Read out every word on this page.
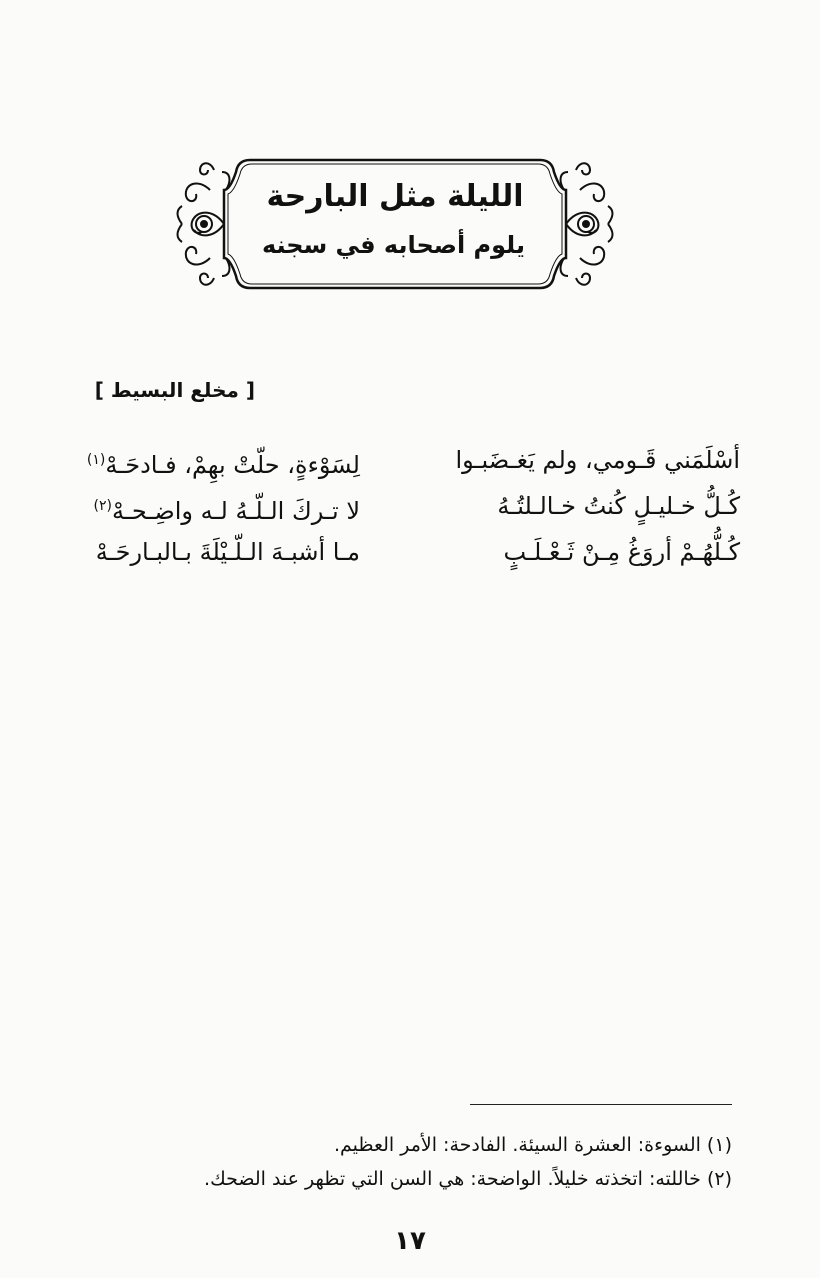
الليلة مثل البارحة
يلوم أصحابه في سجنه
[ مخلع البسيط ]
أسْلَمَني قَـومي، ولم يَغـضَبـوا
لِسَوْءةٍ، حلّتْ بهِمْ، فـادحَـهْ$^{(١)}$
كُـلُّ خـليـلٍ كُنتُ خـالـلتُـهُ
لا تـركَ الـلّـهُ لـه واضِـحـهْ$^{(٢)}$
كُـلُّهُـمْ أروَغُ مِـنْ ثَـعْـلَـبٍ
مـا أشبـهَ الـلّـيْلَةَ بـالبـارحَـهْ
(١) السوءة: العشرة السيئة. الفادحة: الأمر العظيم.
(٢) خاللته: اتخذته خليلاً. الواضحة: هي السن التي تظهر عند الضحك.
١٧
